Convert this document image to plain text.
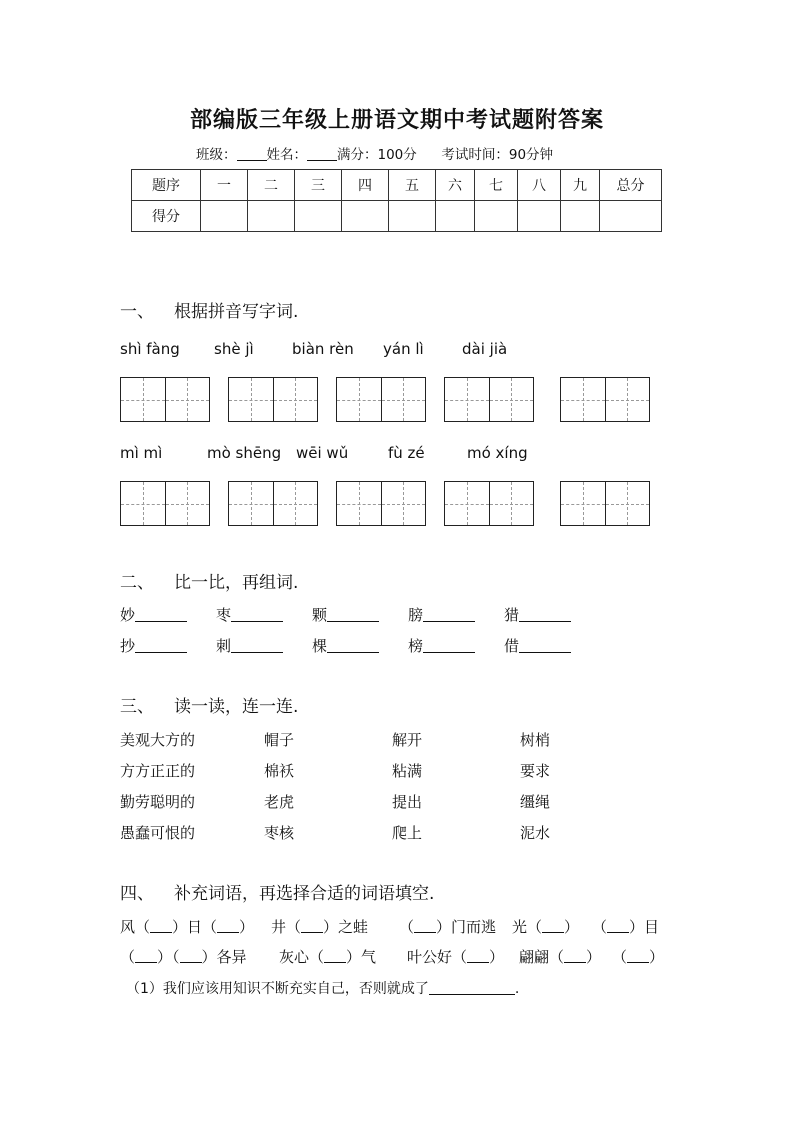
部编版三年级上册语文期中考试题附答案
班级： 姓名： 满分：100分 考试时间：90分钟
题序	一	二	三	四	五	六	七	八	九	总分
得分										
一、 根据拼音写字词.
shì fàng shè jì	biàn rèn yán lì	dài jià
mì mì	mò shēng wēi wǔ	fù zé	mó xíng
二、 比一比，再组词.
妙	枣	颗	膀	猎
抄	刺	棵	榜	借
三、 读一读，连一连.
美观大方的	帽子	解开	树梢
方方正正的	棉袄	粘满	要求
勤劳聪明的	老虎	提出	缰绳
愚蠢可恨的	枣核	爬上	泥水
四、 补充词语，再选择合适的词语填空.
风（ ）日（ ） 井（ ）之蛙 （ ）门而逃 光（ ） （ ）目
（ ）（ ）各异 灰心（ ）气 叶公好（ ） 翩翩（ ） （ ）
（1）我们应该用知识不断充实自己，否则就成了	.
